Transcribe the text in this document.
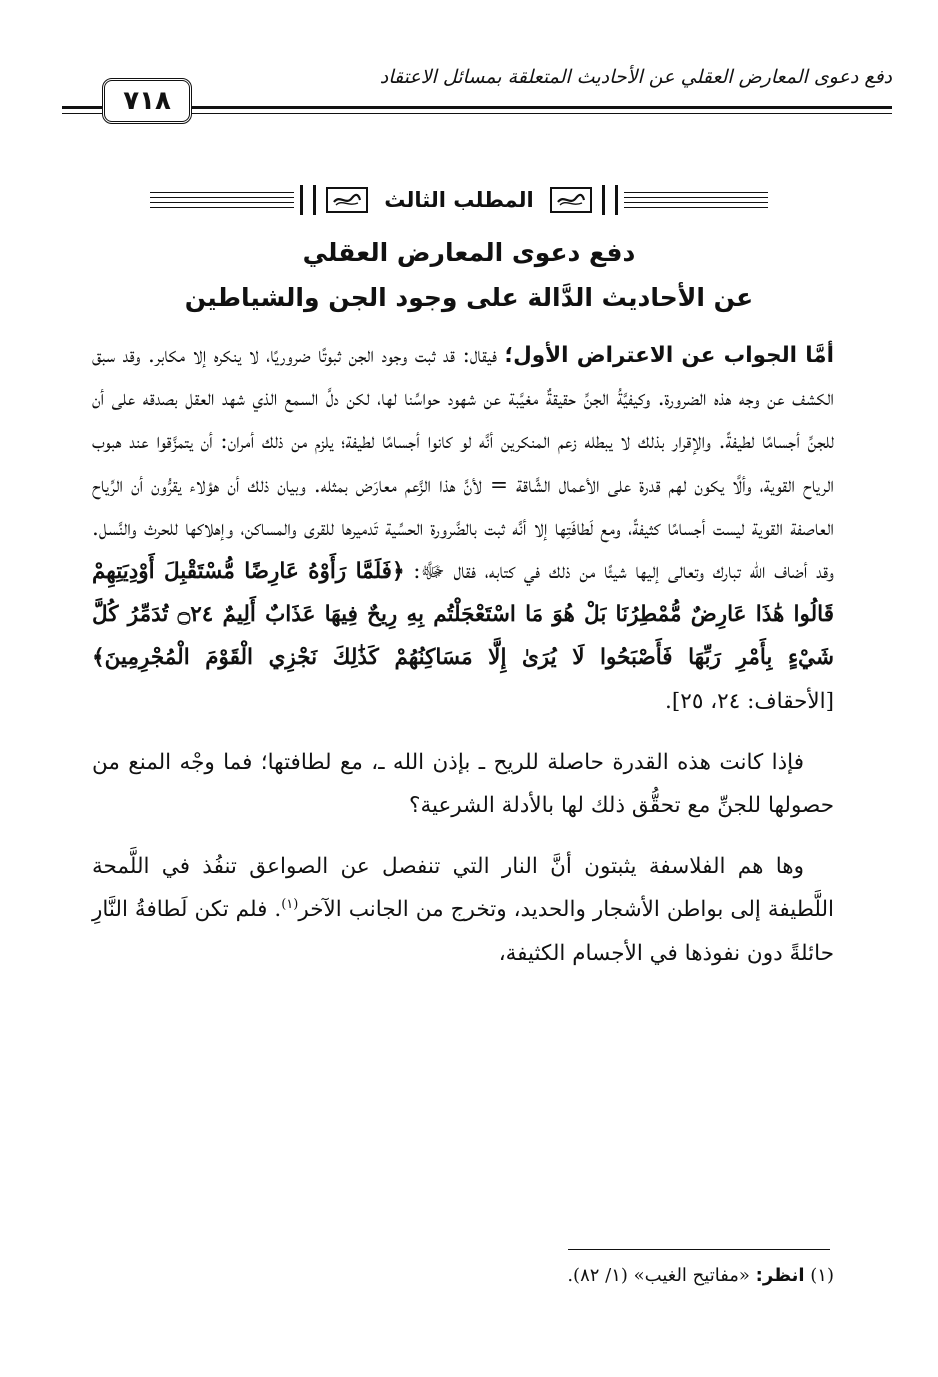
دفع دعوى المعارض العقلي عن الأحاديث المتعلقة بمسائل الاعتقاد
٧١٨
المطلب الثالث
دفع دعوى المعارض العقلي
عن الأحاديث الدَّالة على وجود الجن والشياطين

أمَّا الجواب عن الاعتراض الأول؛ فيقال: قد ثبت وجود الجن ثبوتًا ضروريًا، لا ينكره إلا مكابر. وقد سبق الكشف عن وجه هذه الضرورة. وكيفيَّةُ الجنِّ حقيقةٌ مغيَّبة عن شهود حواسِّنا لها، لكن دلَّ السمع الذي شهد العقل بصدقه على أن للجنِّ أجسامًا لطيفةً. والإقرار بذلك لا يبطله زعم المنكرين أنَّه لو كانوا أجسامًا لطيفة؛ يلزم من ذلك أمران: أن يتمزَّقوا عند هبوب الرياح القوية، وألَّا يكون لهم قدرة على الأعمال الشَّاقة = لأنَّ هذا الزَّعم معارَض بمثله. وبيان ذلك أن هؤلاء يقرُّون أن الرِّياح العاصفة القوية ليست أجسامًا كثيفةً، ومع لَطافَتِها إلا أنَّه ثبت بالضَّرورة الحسِّية تَدميرها للقرى والمساكن، وإهلاكها للحرث والنَّسل. وقد أضاف الله تبارك وتعالى إليها شيئًا من ذلك في كتابه، فقال ﷻ: ﴿فَلَمَّا رَأَوْهُ عَارِضًا مُّسْتَقْبِلَ أَوْدِيَتِهِمْ قَالُوا هَٰذَا عَارِضٌ مُّمْطِرُنَا بَلْ هُوَ مَا اسْتَعْجَلْتُم بِهِ رِيحٌ فِيهَا عَذَابٌ أَلِيمٌ ۝٢٤ تُدَمِّرُ كُلَّ شَيْءٍ بِأَمْرِ رَبِّهَا فَأَصْبَحُوا لَا يُرَىٰ إِلَّا مَسَاكِنُهُمْ كَذَٰلِكَ نَجْزِي الْقَوْمَ الْمُجْرِمِينَ﴾ [الأحقاف: ٢٤، ٢٥].

فإذا كانت هذه القدرة حاصلة للريح ـ بإذن الله ـ، مع لطافتها؛ فما وجْه المنع من حصولها للجنِّ مع تحقُّق ذلك لها بالأدلة الشرعية؟

وها هم الفلاسفة يثبتون أنَّ النار التي تنفصل عن الصواعق تنفُذ في اللَّمحة اللَّطيفة إلى بواطن الأشجار والحديد، وتخرج من الجانب الآخر$^{(١)}$. فلم تكن لَطافةُ النَّارِ حائلةً دون نفوذها في الأجسام الكثيفة،

(١) انظر: «مفاتيح الغيب» (١/ ٨٢).
